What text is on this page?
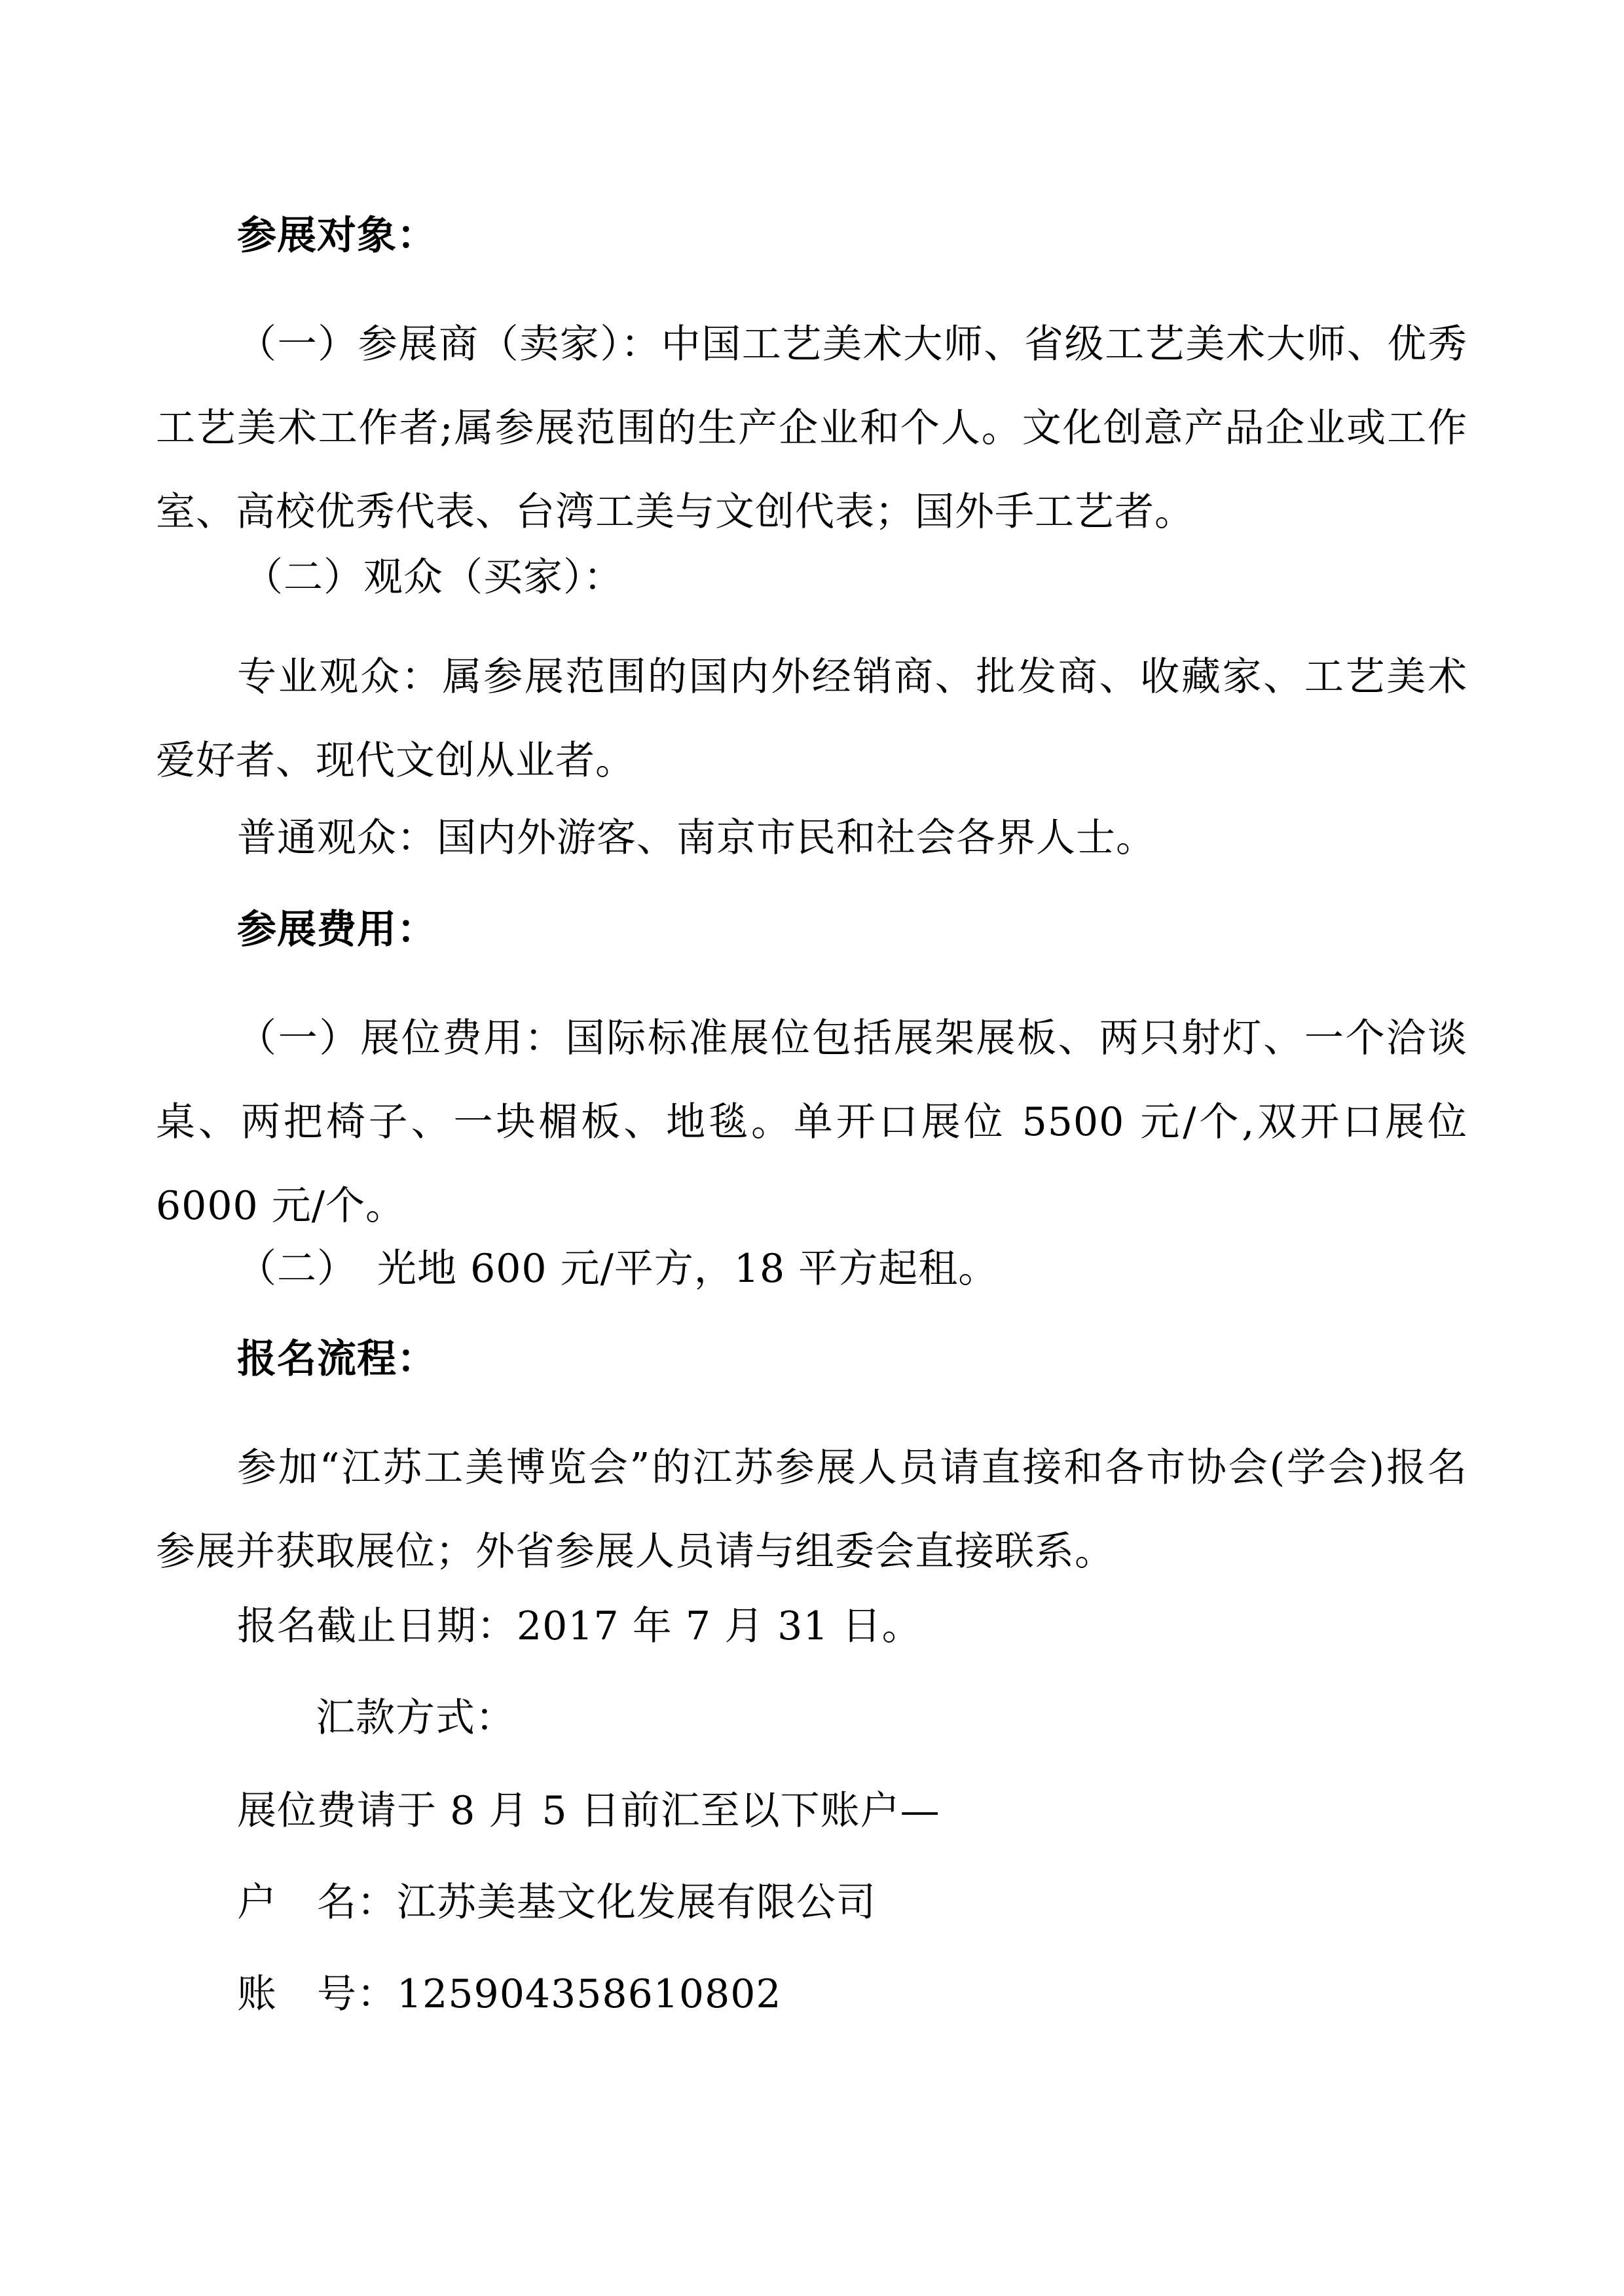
参展对象：
（一）参展商（卖家）：中国工艺美术大师、省级工艺美术大师、优秀工艺美术工作者;属参展范围的生产企业和个人。文化创意产品企业或工作室、高校优秀代表、台湾工美与文创代表；国外手工艺者。
（二）观众（买家）：
专业观众：属参展范围的国内外经销商、批发商、收藏家、工艺美术爱好者、现代文创从业者。
普通观众：国内外游客、南京市民和社会各界人士。
参展费用：
（一）展位费用：国际标准展位包括展架展板、两只射灯、一个洽谈桌、两把椅子、一块楣板、地毯。单开口展位 5500 元/个,双开口展位 6000 元/个。
（二）　光地 600 元/平方，18 平方起租。
报名流程：
参加“江苏工美博览会”的江苏参展人员请直接和各市协会(学会)报名参展并获取展位；外省参展人员请与组委会直接联系。
报名截止日期：2017 年 7 月 31 日。
汇款方式：
展位费请于 8 月 5 日前汇至以下账户—
户　名：江苏美基文化发展有限公司
账　号：125904358610802
